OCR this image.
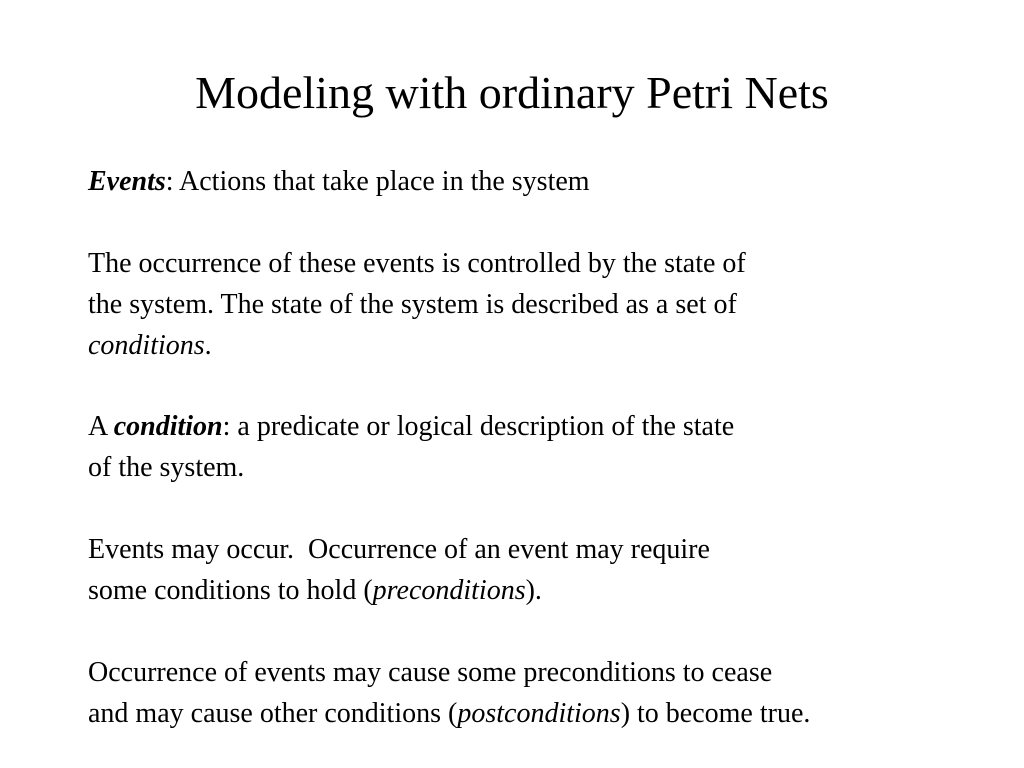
Modeling with ordinary Petri Nets
Events: Actions that take place in the system
The occurrence of these events is controlled by the state of
the system. The state of the system is described as a set of
conditions.
A condition: a predicate or logical description of the state
of the system.
Events may occur.  Occurrence of an event may require
some conditions to hold (preconditions).
Occurrence of events may cause some preconditions to cease
and may cause other conditions (postconditions) to become true.
